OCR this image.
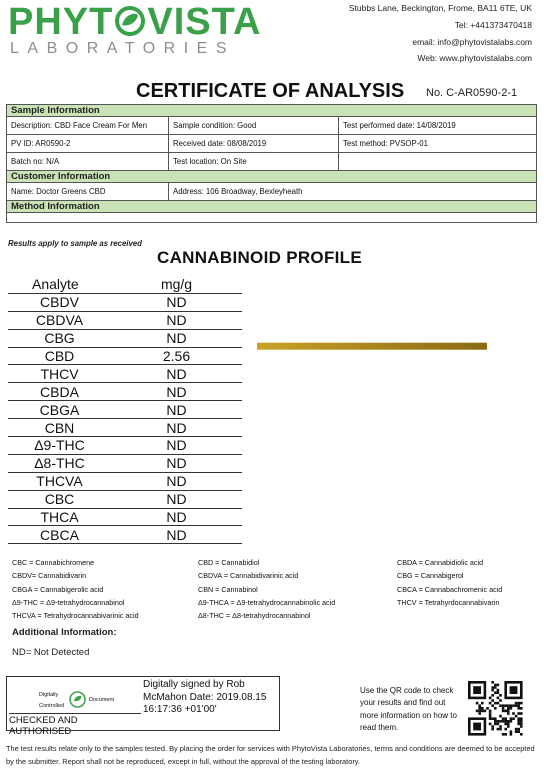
PHYT VISTA
LABORATORIES
Stubbs Lane, Beckington, Frome, BA11 6TE, UK
Tel: +441373470418
email: info@phytovistalabs.com
Web: www.phytovistalabs.com
CERTIFICATE OF ANALYSIS No. C-AR0590-2-1
Sample Information		
Description: CBD Face Cream For Men	Sample condition: Good	Test performed date: 14/08/2019
PV ID: AR0590-2	Received date: 08/08/2019	Test method: PVSOP-01
Batch no: N/A	Test location: On Site	
Customer Information		
Name: Doctor Greens CBD	Address: 106 Broadway, Bexleyheath	
Method Information		

Results apply to sample as received
CANNABINOID PROFILE
Analyte	mg/g
CBDV	ND
CBDVA	ND
CBG	ND
CBD	2.56
THCV	ND
CBDA	ND
CBGA	ND
CBN	ND
Δ9-THC	ND
Δ8-THC	ND
THCVA	ND
CBC	ND
THCA	ND
CBCA	ND
CBC = Cannabichromene	CBD = Cannabidiol	CBDA = Cannabidiolic acid
CBDV= Cannabidivarin	CBDVA = Cannabidivarinic acid	CBG = Cannabigerol
CBGA = Cannabigerolic acid	CBN = Cannabinol	CBCA = Cannabachromenic acid
Δ9-THC = Δ9-tetrahydrocannabinol	Δ9-THCA = Δ9-tetrahydrocannabinolic acid	THCV = Tetrahyrdocannabivarin
THCVA = Tetrahydrocannabivarinic acid	Δ8-THC = Δ8-tetrahydrocannabinol
Additional Information:
ND= Not Detected
Digitally
Controlled
Document
CHECKED AND AUTHORISED
Digitally signed by Rob McMahon Date: 2019.08.15 16:17:36 +01'00'
Use the QR code to check your results and find out more information on how to read them.
The test results relate only to the samples tested. By placing the order for services with PhytoVista Laboratories, terms and conditions are deemed to be accepted by the submitter. Report shall not be reproduced, except in full, without the approval of the testing laboratory.
